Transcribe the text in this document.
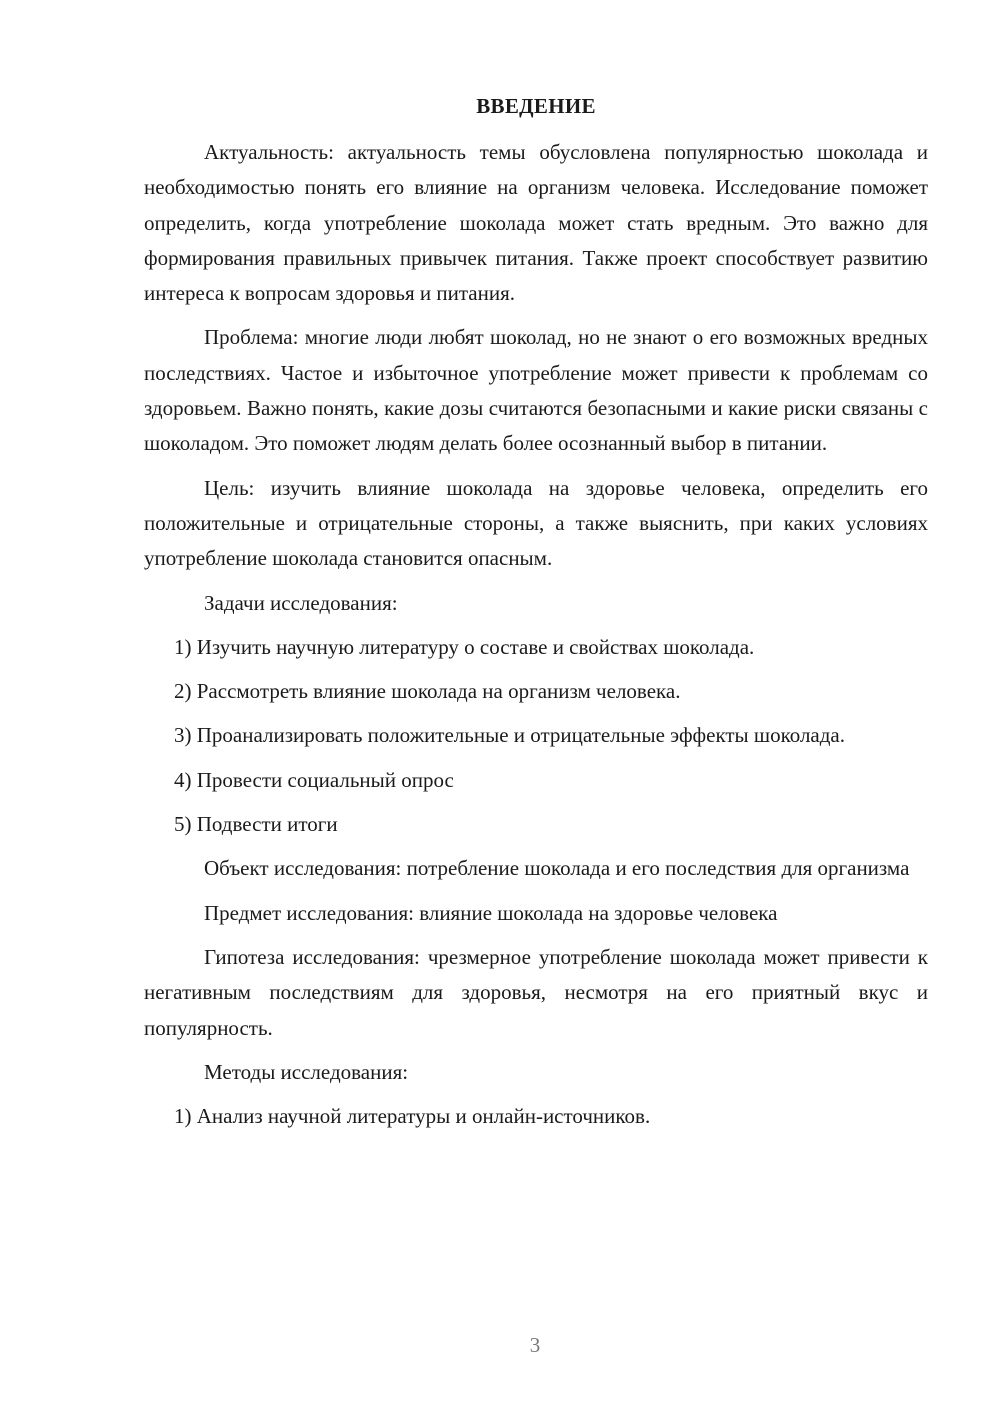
ВВЕДЕНИЕ

Актуальность: актуальность темы обусловлена популярностью шоколада и необходимостью понять его влияние на организм человека. Исследование поможет определить, когда употребление шоколада может стать вредным. Это важно для формирования правильных привычек питания. Также проект способствует развитию интереса к вопросам здоровья и питания.

Проблема: многие люди любят шоколад, но не знают о его возможных вредных последствиях. Частое и избыточное употребление может привести к проблемам со здоровьем. Важно понять, какие дозы считаются безопасными и какие риски связаны с шоколадом. Это поможет людям делать более осознанный выбор в питании.

Цель: изучить влияние шоколада на здоровье человека, определить его положительные и отрицательные стороны, а также выяснить, при каких условиях употребление шоколада становится опасным.

Задачи исследования:

1) Изучить научную литературу о составе и свойствах шоколада.

2) Рассмотреть влияние шоколада на организм человека.

3) Проанализировать положительные и отрицательные эффекты шоколада.

4) Провести социальный опрос

5) Подвести итоги

Объект исследования: потребление шоколада и его последствия для организма

Предмет исследования: влияние шоколада на здоровье человека

Гипотеза исследования: чрезмерное употребление шоколада может привести к негативным последствиям для здоровья, несмотря на его приятный вкус и популярность.

Методы исследования:

1) Анализ научной литературы и онлайн-источников.

3
